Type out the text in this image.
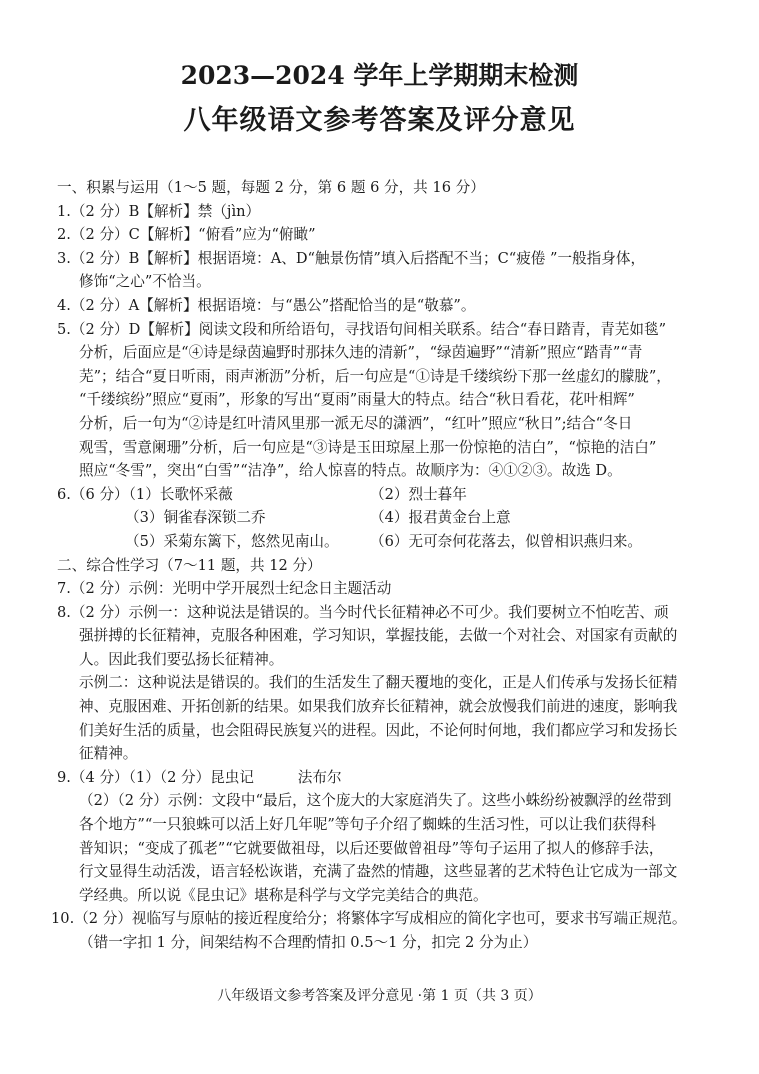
2023—2024 学年上学期期末检测
八年级语文参考答案及评分意见

一、积累与运用（1～5 题，每题 2 分，第 6 题 6 分，共 16 分）

1.（2 分）B【解析】禁（jìn）

2.（2 分）C【解析】“俯看”应为“俯瞰”

3.（2 分）B【解析】根据语境：A、D“触景伤情”填入后搭配不当；C“疲倦 ”一般指身体，

修饰“之心”不恰当。

4.（2 分）A【解析】根据语境：与“愚公”搭配恰当的是“敬慕”。

5.（2 分）D【解析】阅读文段和所给语句，寻找语句间相关联系。结合“春日踏青，青芜如毯”

分析，后面应是“④诗是绿茵遍野时那抹久违的清新”，“绿茵遍野”“清新”照应“踏青”“青

芜”；结合“夏日听雨，雨声淅沥”分析，后一句应是“①诗是千缕缤纷下那一丝虚幻的朦胧”，

“千缕缤纷”照应“夏雨”，形象的写出“夏雨”雨量大的特点。结合“秋日看花，花叶相辉”

分析，后一句为“②诗是红叶清风里那一派无尽的潇洒”，“红叶”照应“秋日”;结合“冬日

观雪，雪意阑珊”分析，后一句应是“③诗是玉田琼屋上那一份惊艳的洁白”，“惊艳的洁白”

照应“冬雪”，突出“白雪”“洁净”，给人惊喜的特点。故顺序为：④①②③。故选 D。

6.（6 分）（1）长歌怀采薇	（2）烈士暮年
（3）铜雀春深锁二乔	（4）报君黄金台上意
（5）采菊东篱下，悠然见南山。	（6）无可奈何花落去，似曾相识燕归来。

二、综合性学习（7～11 题，共 12 分）

7.（2 分）示例：光明中学开展烈士纪念日主题活动

8.（2 分）示例一：这种说法是错误的。当今时代长征精神必不可少。我们要树立不怕吃苦、顽

强拼搏的长征精神，克服各种困难，学习知识，掌握技能，去做一个对社会、对国家有贡献的

人。因此我们要弘扬长征精神。

示例二：这种说法是错误的。我们的生活发生了翻天覆地的变化，正是人们传承与发扬长征精

神、克服困难、开拓创新的结果。如果我们放弃长征精神，就会放慢我们前进的速度，影响我

们美好生活的质量，也会阻碍民族复兴的进程。因此，不论何时何地，我们都应学习和发扬长

征精神。

9.（4 分）（1）（2 分）昆虫记　　　法布尔

（2）（2 分）示例：文段中“最后，这个庞大的大家庭消失了。这些小蛛纷纷被飘浮的丝带到

各个地方”“一只狼蛛可以活上好几年呢”等句子介绍了蜘蛛的生活习性，可以让我们获得科

普知识；“变成了孤老”“它就要做祖母，以后还要做曾祖母”等句子运用了拟人的修辞手法，

行文显得生动活泼，语言轻松诙谐，充满了盎然的情趣，这些显著的艺术特色让它成为一部文

学经典。所以说《昆虫记》堪称是科学与文学完美结合的典范。

10.（2 分）视临写与原帖的接近程度给分；将繁体字写成相应的简化字也可，要求书写端正规范。

（错一字扣 1 分，间架结构不合理酌情扣 0.5～1 分，扣完 2 分为止）

八年级语文参考答案及评分意见 ·第 1 页（共 3 页）
